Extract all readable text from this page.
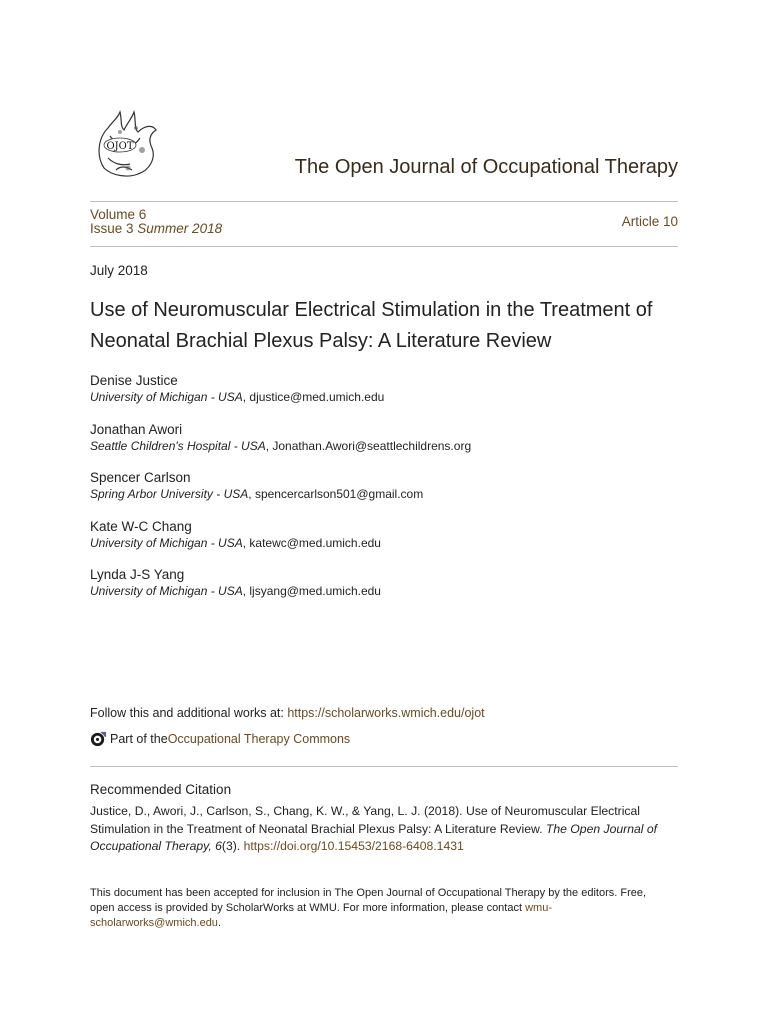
OJOT
The Open Journal of Occupational Therapy
Volume 6
Issue 3 Summer 2018	Article 10
July 2018
Use of Neuromuscular Electrical Stimulation in the Treatment of
Neonatal Brachial Plexus Palsy: A Literature Review
Denise Justice
University of Michigan - USA, djustice@med.umich.edu
Jonathan Awori
Seattle Children's Hospital - USA, Jonathan.Awori@seattlechildrens.org
Spencer Carlson
Spring Arbor University - USA, spencercarlson501@gmail.com
Kate W-C Chang
University of Michigan - USA, katewc@med.umich.edu
Lynda J-S Yang
University of Michigan - USA, ljsyang@med.umich.edu
Follow this and additional works at: https://scholarworks.wmich.edu/ojot
Part of the Occupational Therapy Commons
Recommended Citation
Justice, D., Awori, J., Carlson, S., Chang, K. W., & Yang, L. J. (2018). Use of Neuromuscular Electrical
Stimulation in the Treatment of Neonatal Brachial Plexus Palsy: A Literature Review. The Open Journal of
Occupational Therapy, 6(3). https://doi.org/10.15453/2168-6408.1431
This document has been accepted for inclusion in The Open Journal of Occupational Therapy by the editors. Free,
open access is provided by ScholarWorks at WMU. For more information, please contact wmu-
scholarworks@wmich.edu.
